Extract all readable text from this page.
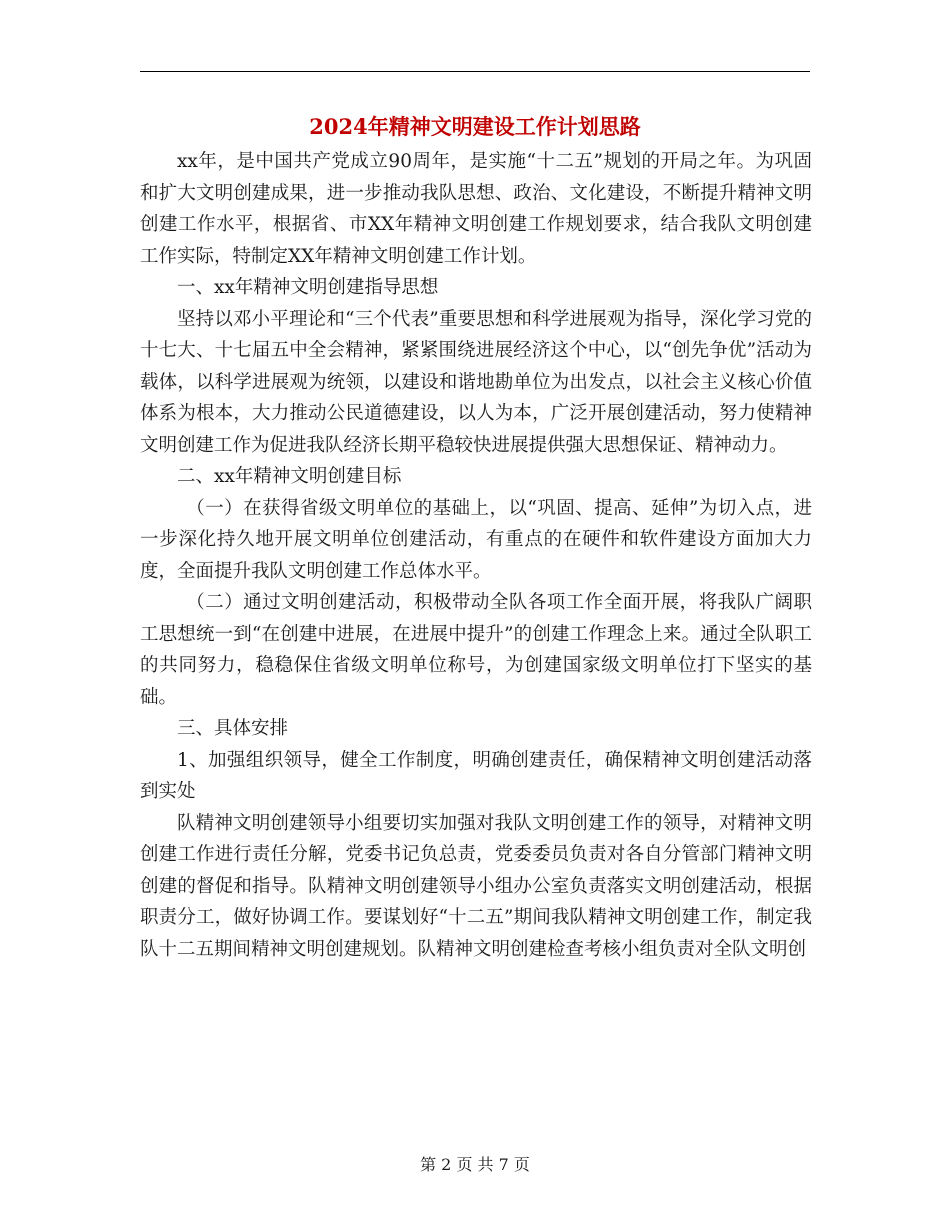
2024年精神文明建设工作计划思路

xx年，是中国共产党成立90周年，是实施“十二五”规划的开局之年。为巩固和扩大文明创建成果，进一步推动我队思想、政治、文化建设，不断提升精神文明创建工作水平，根据省、市XX年精神文明创建工作规划要求，结合我队文明创建工作实际，特制定XX年精神文明创建工作计划。

一、xx年精神文明创建指导思想

坚持以邓小平理论和“三个代表”重要思想和科学进展观为指导，深化学习党的十七大、十七届五中全会精神，紧紧围绕进展经济这个中心，以“创先争优”活动为载体，以科学进展观为统领，以建设和谐地勘单位为出发点，以社会主义核心价值体系为根本，大力推动公民道德建设，以人为本，广泛开展创建活动，努力使精神文明创建工作为促进我队经济长期平稳较快进展提供强大思想保证、精神动力。

二、xx年精神文明创建目标

（一）在获得省级文明单位的基础上，以“巩固、提高、延伸”为切入点，进一步深化持久地开展文明单位创建活动，有重点的在硬件和软件建设方面加大力度，全面提升我队文明创建工作总体水平。

（二）通过文明创建活动，积极带动全队各项工作全面开展，将我队广阔职工思想统一到“在创建中进展，在进展中提升”的创建工作理念上来。通过全队职工的共同努力，稳稳保住省级文明单位称号，为创建国家级文明单位打下坚实的基础。

三、具体安排

1、加强组织领导，健全工作制度，明确创建责任，确保精神文明创建活动落到实处

队精神文明创建领导小组要切实加强对我队文明创建工作的领导，对精神文明创建工作进行责任分解，党委书记负总责，党委委员负责对各自分管部门精神文明创建的督促和指导。队精神文明创建领导小组办公室负责落实文明创建活动，根据职责分工，做好协调工作。要谋划好“十二五”期间我队精神文明创建工作，制定我队十二五期间精神文明创建规划。队精神文明创建检查考核小组负责对全队文明创

第 2 页 共 7 页
